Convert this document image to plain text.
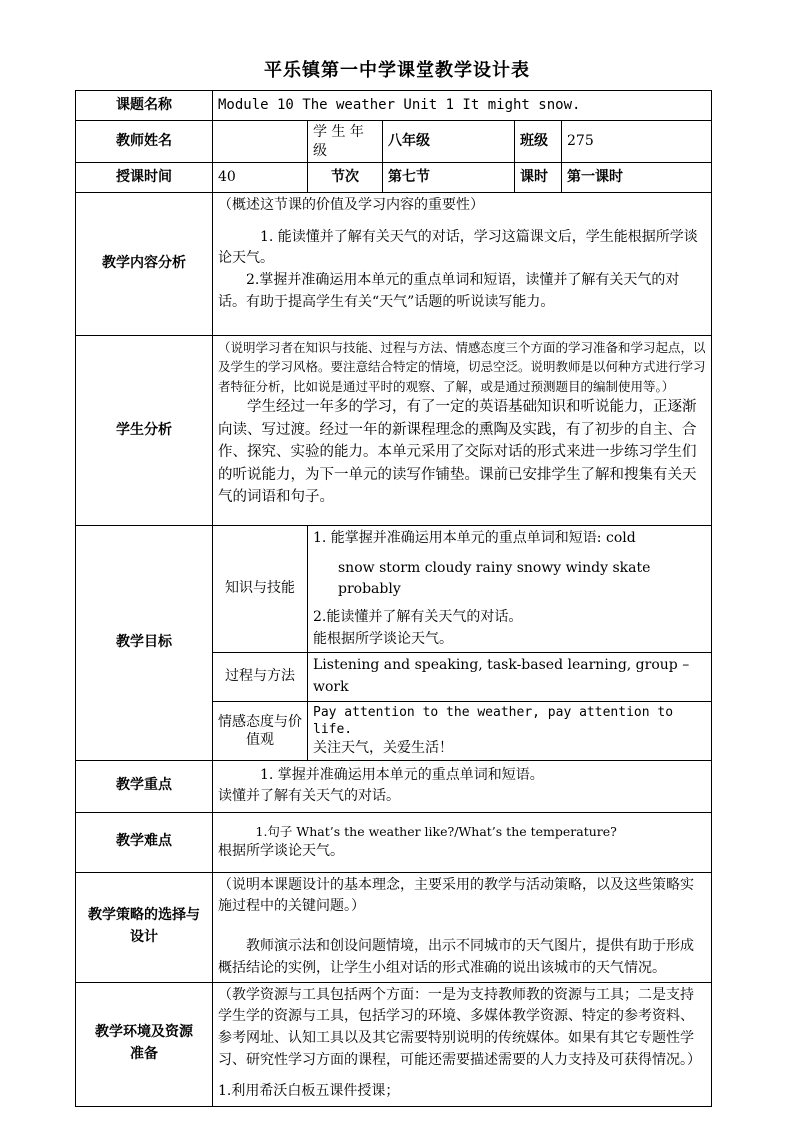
平乐镇第一中学课堂教学设计表
课题名称	Module 10 The weather Unit 1 It might snow.				
教师姓名		学 生 年级	八年级	班级	275
授课时间	40	节次	第七节	课时	第一课时
教学内容分析	（概述这节课的价值及学习内容的重要性）

1. 能读懂并了解有关天气的对话，学习这篇课文后，学生能根据所学谈论天气。

2.掌握并准确运用本单元的重点单词和短语，读懂并了解有关天气的对话。有助于提高学生有关“天气”话题的听说读写能力。				

学生分析	（说明学习者在知识与技能、过程与方法、情感态度三个方面的学习准备和学习起点，以及学生的学习风格。要注意结合特定的情境，切忌空泛。说明教师是以何种方式进行学习者特征分析，比如说是通过平时的观察、了解，或是通过预测题目的编制使用等。）

学生经过一年多的学习，有了一定的英语基础知识和听说能力，正逐渐向读、写过渡。经过一年的新课程理念的熏陶及实践，有了初步的自主、合作、探究、实验的能力。本单元采用了交际对话的形式来进一步练习学生们的听说能力，为下一单元的读写作铺垫。课前已安排学生了解和搜集有关天气的词语和句子。				

教学目标	知识与技能	1. 能掌握并准确运用本单元的重点单词和短语: cold

snow storm cloudy rainy snowy windy skate probably

2.能读懂并了解有关天气的对话。

能根据所学谈论天气。			

	过程与方法	Listening and speaking, task-based learning, group – work			
	情感态度与价值观	Pay attention to the weather, pay attention to life.

关注天气，关爱生活！			

教学重点	1. 掌握并准确运用本单元的重点单词和短语。

读懂并了解有关天气的对话。				

教学难点	1.句子 What’s the weather like?/What’s the temperature?

根据所学谈论天气。				

教学策略的选择与设计	（说明本课题设计的基本理念，主要采用的教学与活动策略，以及这些策略实施过程中的关键问题。）

教师演示法和创设问题情境，出示不同城市的天气图片，提供有助于形成概括结论的实例，让学生小组对话的形式准确的说出该城市的天气情况。				

教学环境及资源准备	（教学资源与工具包括两个方面：一是为支持教师教的资源与工具；二是支持学生学的资源与工具，包括学习的环境、多媒体教学资源、特定的参考资料、参考网址、认知工具以及其它需要特别说明的传统媒体。如果有其它专题性学习、研究性学习方面的课程，可能还需要描述需要的人力支持及可获得情况。）

1.利用希沃白板五课件授课；				
